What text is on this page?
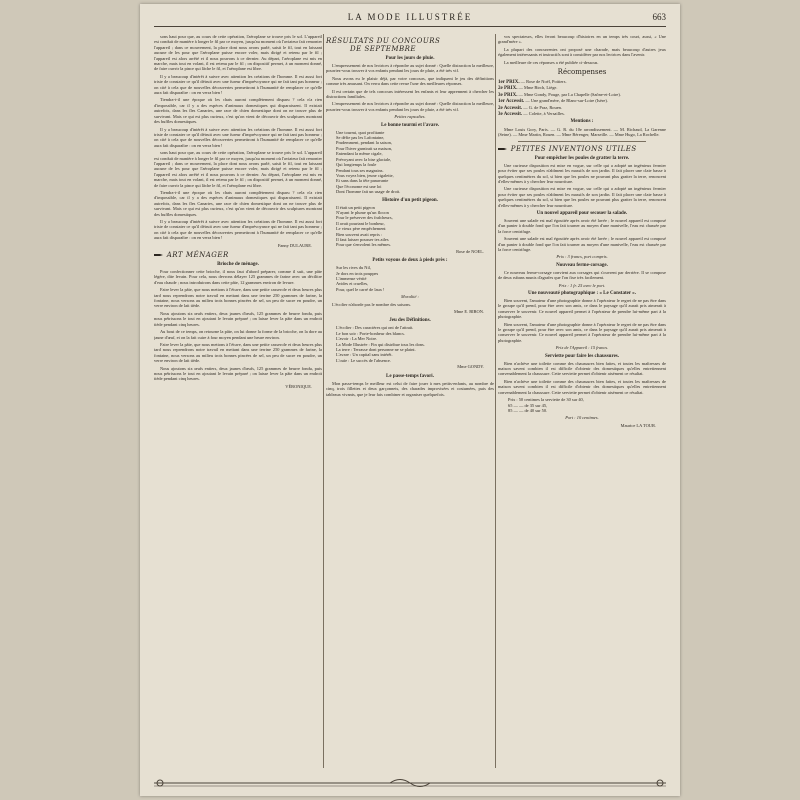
LA MODE ILLUSTRÉE	663

sons haut pour que, au cours de cette opération, l'aéroplane se trouve pris le sol. L'appareil est conduit de manière à longer le fil par ce moyen, jusqu'au moment où l'aviateur fait remonter l'appareil ; dans ce mouvement, la place dont nous avons parlé, saisit le fil, tout en laissant aucune de les pour que l'aéroplane puisse encore voler, mais dirigé et retenu par le fil ; l'appareil est alors arrêté et il nous pouvons à ce dernier. Au départ, l'aéroplane est mis en marche, mais tout en volant, il est retenu par le fil ; on dispositif permet, à un moment donné, de faire ouvrir la pince qui lâche le fil, et l'aéroplane est libre.

Il y a beaucoup d'intérêt à suivre avec attention les créations de l'homme. Il est aussi fort triste de constater ce qu'il détruit avec une fureur d'imprévoyance qui ne fait tant pas honneur ; on cité à cela que de nouvelles découvertes permettront à l'humanité de remplacer ce qu'elle aura fait disparaître : on en verra bien !

Tiendra-t-il une époque où les chats auront complètement disparu ? cela n'a rien d'impossible, car il y a des espèces d'animaux domestiques qui disparaissent. Il existait autrefois, dans les îles Canaries, une race de chien domestique dont on ne trouve plus de survivant. Mais ce qui est plus curieux, c'est qu'on vient de découvrir des sculptures montrant des buffles domestiques.

Il y a beaucoup d'intérêt à suivre avec attention les créations de l'homme. Il est aussi fort triste de constater ce qu'il détruit avec une fureur d'imprévoyance qui ne fait tant pas honneur ; on cité à cela que de nouvelles découvertes permettront à l'humanité de remplacer ce qu'elle aura fait disparaître : on en verra bien !

sons haut pour que, au cours de cette opération, l'aéroplane se trouve pris le sol. L'appareil est conduit de manière à longer le fil par ce moyen, jusqu'au moment où l'aviateur fait remonter l'appareil ; dans ce mouvement, la place dont nous avons parlé, saisit le fil, tout en laissant aucune de les pour que l'aéroplane puisse encore voler, mais dirigé et retenu par le fil ; l'appareil est alors arrêté et il nous pouvons à ce dernier. Au départ, l'aéroplane est mis en marche, mais tout en volant, il est retenu par le fil ; on dispositif permet, à un moment donné, de faire ouvrir la pince qui lâche le fil, et l'aéroplane est libre.

Tiendra-t-il une époque où les chats auront complètement disparu ? cela n'a rien d'impossible, car il y a des espèces d'animaux domestiques qui disparaissent. Il existait autrefois, dans les îles Canaries, une race de chien domestique dont on ne trouve plus de survivant. Mais ce qui est plus curieux, c'est qu'on vient de découvrir des sculptures montrant des buffles domestiques.

Il y a beaucoup d'intérêt à suivre avec attention les créations de l'homme. Il est aussi fort triste de constater ce qu'il détruit avec une fureur d'imprévoyance qui ne fait tant pas honneur ; on cité à cela que de nouvelles découvertes permettront à l'humanité de remplacer ce qu'elle aura fait disparaître : on en verra bien !

Fanny DULAURE.
ART MÉNAGER
Brioche de ménage.

Pour confectionner cette brioche, il nous faut d'abord préparer, comme il suit, une pâte légère, dite levain. Pour cela, nous devrons délayer 125 grammes de farine avec un décilitre d'eau chaude ; nous introduirons dans cette pâte, 12 grammes environ de levure.

Faire lever la pâte, que nous mettons à l'étuve, dans une petite casserole et deux heures plus tard nous reprendrons notre travail en mettant dans une terrine 250 grammes de farine, la fontaine, nous versons au milieu trois bonnes pincées de sel, un peu de sucre en poudre, un verre environ de lait tiède.

Nous ajoutons six œufs entiers, deux jaunes d'œufs, 125 grammes de beurre fondu, puis nous pétrissons le tout en ajoutant le levain préparé ; on laisse lever la pâte dans un endroit tiède pendant cinq heures.

Au bout de ce temps, on retourne la pâte, on lui donne la forme de la brioche, on la dore au jaune d'œuf, et on la fait cuire à four moyen pendant une heure environ.

Faire lever la pâte, que nous mettons à l'étuve, dans une petite casserole et deux heures plus tard nous reprendrons notre travail en mettant dans une terrine 250 grammes de farine, la fontaine, nous versons au milieu trois bonnes pincées de sel, un peu de sucre en poudre, un verre environ de lait tiède.

Nous ajoutons six œufs entiers, deux jaunes d'œufs, 125 grammes de beurre fondu, puis nous pétrissons le tout en ajoutant le levain préparé ; on laisse lever la pâte dans un endroit tiède pendant cinq heures.

VÉRONIQUE.
RÉSULTATS DU CONCOURS
DE SEPTEMBRE
Pour les jours de pluie.

L'empressement de nos lectrices à répondre au sujet donné : Quelle distraction la meilleure, pourriez-vous trouver à vos enfants pendant les jours de pluie, a été très vif.

Nous avons eu le plaisir déjà, par votre concours, que indiquent le jeu des définitions comme très amusant. On verra dans cette revue l'une des meilleures réponses.

Il est certain que de tels concours intéressent les enfants et leur apprennent à chercher les distractions familiales.

L'empressement de nos lectrices à répondre au sujet donné : Quelle distraction la meilleure, pourriez-vous trouver à vos enfants pendant les jours de pluie, a été très vif.

Petites rapsodies.
Le bonne tourmi et l'avare.
Une tourmi, quoi profitante
Se défie pas les Lafontaine,
Prudemment, pendant la saison,
Pour l'hiver garnirait sa maison,
Entendant la même cigale,
Prévoyant avec la bise glaciale,
Qui longtemps la foule
Pendant tous ses magasins.
Vous voyez bien, jeune cigalette,
Et sans dans la tête panavante
Que l'économe est une loi
Dont l'homme fait un usage de droit.
Histoire d'un petit pigeon.
Il était un petit pigeon
N'ayant le plume qu'un flocon
Pour le préserver des fraîcheurs,
Il avait pourtant le bonheur,
Le vieux père empêchement
Bien souvent avait repris :
Il faut laisser pousser tes ailes
Pour que s'envolent les mêmes.
Rose de NOEL.
Petits voyous de deux à pieds près :
Sur les rives du Nil,
Je dors en trois pouppes
L'immense vérité
Avides et cruelles,
Pour, quel le carré de laux !
Moralité :

L'écolier n'aborde pas le nombre des saisons.

Mme E. BIRON.
Jeu des Définitions.
L'écolier : Des caractères qui ont de l'attrait.
Le bon soir : Porte-bonheur des blancs.
L'avoir : La Mer Noire.
La Mode Illustrée : Fin qui distribue tous les dons.
La terre : Terrasse dont personne ne se plaint.
L'avare : Un capital sans intérêt.
L'ouïe : Le succès de l'absence.
Mme GONDY.
Le passe-temps favori.

Mon passe-temps le meilleur est celui de faire jouer à mes petits-enfants, au nombre de cinq, trois fillettes et deux garçonnets, des charades improvisées et costumées, puis des tableaux vivants, que je leur fais combiner et organiser quelquefois.

vos spectateurs, elles feront beaucoup d'histoires en un temps très court, aussi, « Une grand'mère ».

La plupart des concurrentes ont proposé une charade, mais beaucoup d'autres jeux également intéressants et instructifs sont à considérer par nos lectrices dans l'avenir.

La meilleure de ces réponses a été publiée ci-dessous.

Récompenses
1er PRIX. — Rose de Noël, Poitiers.
2e PRIX. — Mme Birch, Liège.
3e PRIX. — Mme Gondy, Pouge, par La Chapelle (Saône-et-Loire).
1er Accessit. — Une grand'mère, de Blanc-sur-Loire (Isère).
2e Accessit. — G. de Praz, Rouen.
3e Accessit. — Colette, à Versailles.
Mentions :

Mme Louis Gory, Paris. — G. R. du 10e arrondissement. — M. Richaud, La Garenne (Seine). — Mme Martin, Rouen. — Mme Bérenger, Marseille. — Mme Hugo, La Rochelle.

PETITES INVENTIONS UTILES
Pour empêcher les poules de gratter la terre.

Une curieuse disposition est mise en vogue, sur celle qui a adopté un ingénieux fermier pour éviter que ses poules n'abîment les massifs de son jardin. Il fait placer une claie basse à quelques centimètres du sol, si bien que les poules ne pouvant plus gratter la terre, renoncent d'elles-mêmes à y chercher leur nourriture.

Une curieuse disposition est mise en vogue, sur celle qui a adopté un ingénieux fermier pour éviter que ses poules n'abîment les massifs de son jardin. Il fait placer une claie basse à quelques centimètres du sol, si bien que les poules ne pouvant plus gratter la terre, renoncent d'elles-mêmes à y chercher leur nourriture.

Un nouvel appareil pour secouer la salade.

Souvent une salade est mal égouttée après avoir été lavée ; le nouvel appareil est composé d'un panier à double fond que l'on fait tourner au moyen d'une manivelle, l'eau est chassée par la force centrifuge.

Souvent une salade est mal égouttée après avoir été lavée ; le nouvel appareil est composé d'un panier à double fond que l'on fait tourner au moyen d'une manivelle, l'eau est chassée par la force centrifuge.

Prix : 3 francs, port compris.
Nouveau ferme-corsage.

Ce nouveau ferme-corsage convient aux corsages qui s'ouvrent par derrière. Il se compose de deux rubans munis d'agrafes que l'on fixe très facilement.

Prix : 1 fr. 25 avec le port.
Une nouveauté photographique : « Le Constater ».

Bien souvent, l'amateur d'une photographie donne à l'opérateur le regret de ne pas être dans le groupe qu'il prend, pour être avec son amis, ce dans le paysage qu'il aurait pris aimerait à conserver le souvenir. Ce nouvel appareil permet à l'opérateur de prendre lui-même part à la photographie.

Bien souvent, l'amateur d'une photographie donne à l'opérateur le regret de ne pas être dans le groupe qu'il prend, pour être avec son amis, ce dans le paysage qu'il aurait pris aimerait à conserver le souvenir. Ce nouvel appareil permet à l'opérateur de prendre lui-même part à la photographie.

Prix de l'Appareil : 15 francs.
Serviette pour faire les chaussures.

Rien n'achève une toilette comme des chaussures bien faites, et toutes les maîtresses de maison savent combien il est difficile d'obtenir des domestiques qu'elles entretiennent convenablement la chaussure. Cette serviette permet d'obtenir aisément ce résultat.

Rien n'achève une toilette comme des chaussures bien faites, et toutes les maîtresses de maison savent combien il est difficile d'obtenir des domestiques qu'elles entretiennent convenablement la chaussure. Cette serviette permet d'obtenir aisément ce résultat.

Prix : 50 centimes la serviette de 30 sur 40,
65 — — de 35 sur 45,
85 — — de 40 sur 50.
Port : 10 centimes.
Maurice LA TOUR.
